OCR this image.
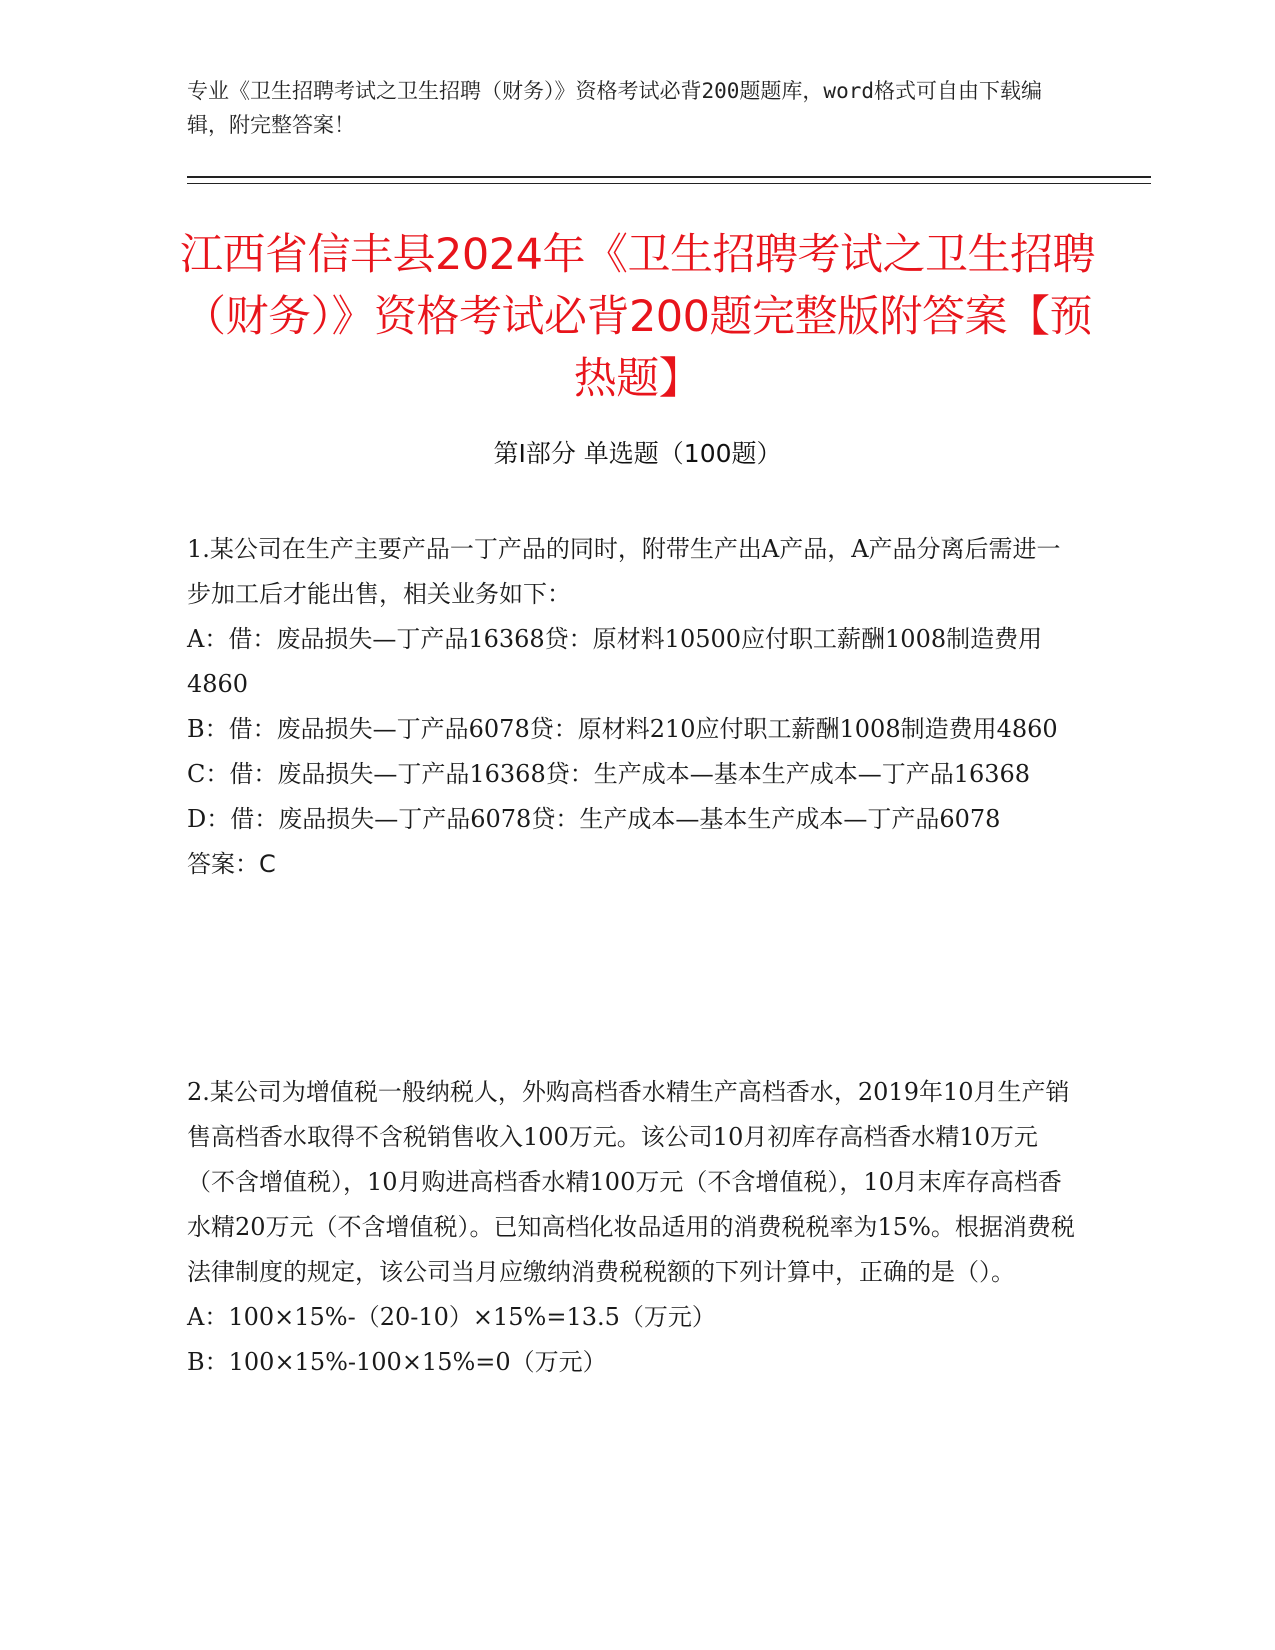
专业《卫生招聘考试之卫生招聘（财务）》资格考试必背200题题库，word格式可自由下载编辑，附完整答案！
江西省信丰县2024年《卫生招聘考试之卫生招聘（财务）》资格考试必背200题完整版附答案【预热题】
第I部分 单选题（100题）

1.某公司在生产主要产品一丁产品的同时，附带生产出A产品，A产品分离后需进一步加工后才能出售，相关业务如下：

A：借：废品损失—丁产品16368贷：原材料10500应付职工薪酬1008制造费用4860

B：借：废品损失—丁产品6078贷：原材料210应付职工薪酬1008制造费用4860

C：借：废品损失—丁产品16368贷：生产成本—基本生产成本—丁产品16368

D：借：废品损失—丁产品6078贷：生产成本—基本生产成本—丁产品6078

答案：C

2.某公司为增值税一般纳税人，外购高档香水精生产高档香水，2019年10月生产销售高档香水取得不含税销售收入100万元。该公司10月初库存高档香水精10万元（不含增值税），10月购进高档香水精100万元（不含增值税），10月末库存高档香水精20万元（不含增值税）。已知高档化妆品适用的消费税税率为15%。根据消费税法律制度的规定，该公司当月应缴纳消费税税额的下列计算中，正确的是（）。

A：100×15%-（20-10）×15%=13.5（万元）

B：100×15%-100×15%=0（万元）
